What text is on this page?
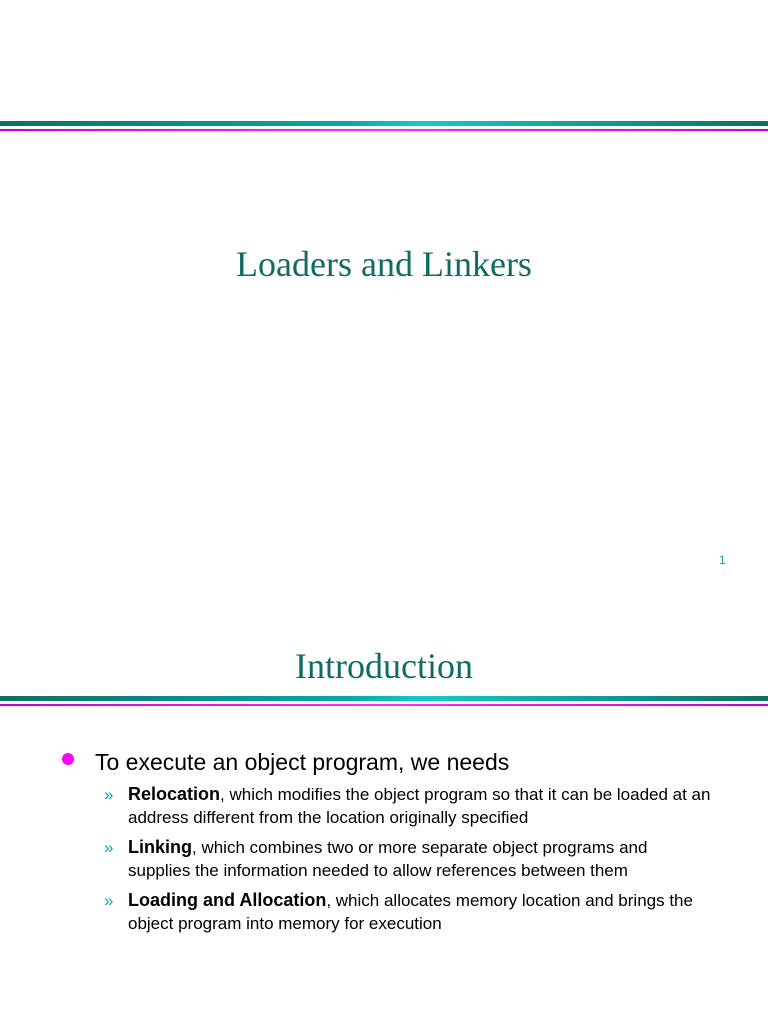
Loaders and Linkers
1
Introduction
To execute an object program, we needs
» Relocation, which modifies the object program so that it can be loaded at an address different from the location originally specified
» Linking, which combines two or more separate object programs and supplies the information needed to allow references between them
» Loading and Allocation, which allocates memory location and brings the object program into memory for execution
